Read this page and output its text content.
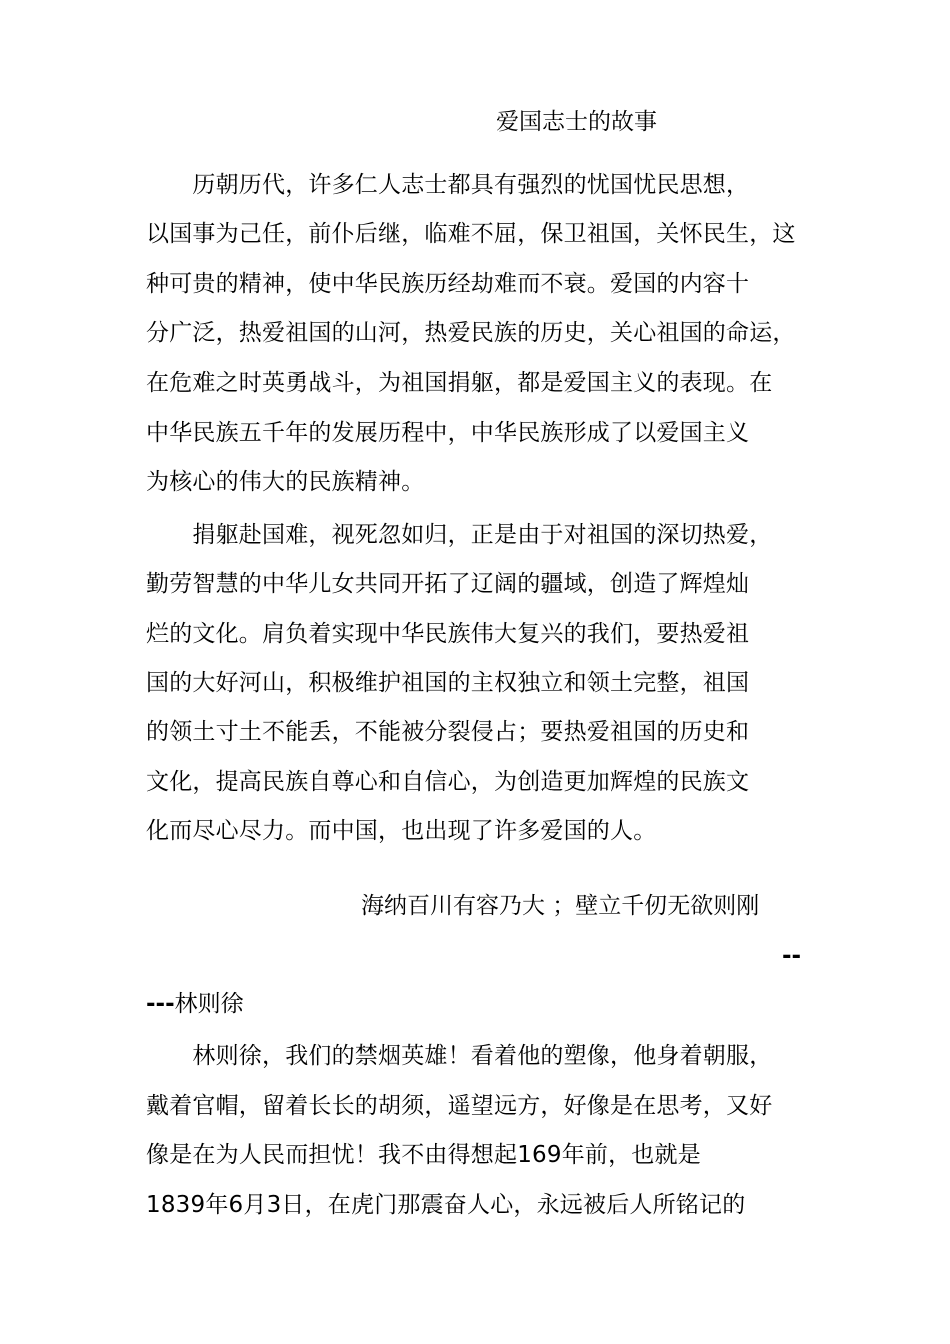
爱国志士的故事
　　历朝历代，许多仁人志士都具有强烈的忧国忧民思想，
以国事为己任，前仆后继，临难不屈，保卫祖国，关怀民生，这
种可贵的精神，使中华民族历经劫难而不衰。爱国的内容十
分广泛，热爱祖国的山河，热爱民族的历史，关心祖国的命运，
在危难之时英勇战斗，为祖国捐躯，都是爱国主义的表现。在
中华民族五千年的发展历程中，中华民族形成了以爱国主义
为核心的伟大的民族精神。
　　捐躯赴国难，视死忽如归，正是由于对祖国的深切热爱，
勤劳智慧的中华儿女共同开拓了辽阔的疆域，创造了辉煌灿
烂的文化。肩负着实现中华民族伟大复兴的我们，要热爱祖
国的大好河山，积极维护祖国的主权独立和领土完整，祖国
的领土寸土不能丢，不能被分裂侵占；要热爱祖国的历史和
文化，提高民族自尊心和自信心，为创造更加辉煌的民族文
化而尽心尽力。而中国，也出现了许多爱国的人。
海纳百川有容乃大 ；壁立千仞无欲则刚
--
---林则徐
　　林则徐，我们的禁烟英雄！看着他的塑像，他身着朝服，
戴着官帽，留着长长的胡须，遥望远方，好像是在思考，又好
像是在为人民而担忧！我不由得想起169年前，也就是
1839年6月3日，在虎门那震奋人心，永远被后人所铭记的
